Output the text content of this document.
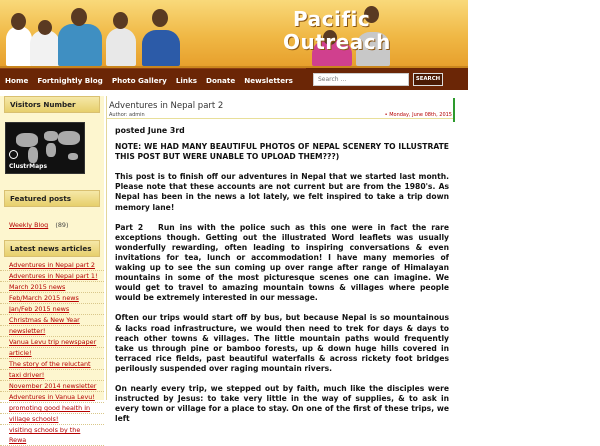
Pacific
Outreach
Home Fortnightly Blog Photo Gallery Links Donate Newsletters
Search ...	SEARCH
Visitors Number
ClustrMaps
Featured posts
Weekly Blog (89)
Latest news articles
Adventures in Nepal part 2
Adventures in Nepal part 1!
March 2015 news
Feb/March 2015 news
Jan/Feb 2015 news
Christmas & New Year
newsletter!
Vanua Levu trip newspaper
article!
The story of the reluctant
taxi driver!
November 2014 newsletter
Adventures in Vanua Levu!
promoting good health in
village schools!
visiting schools by the Rewa
Adventures in Nepal part 2
Author: admin	• Monday, June 08th, 2015

posted June 3rd

NOTE: WE HAD MANY BEAUTIFUL PHOTOS OF NEPAL SCENERY TO ILLUSTRATE THIS POST BUT WERE UNABLE TO UPLOAD THEM???)

This post is to finish off our adventures in Nepal that we started last month. Please note that these accounts are not current but are from the 1980's. As Nepal has been in the news a lot lately, we felt inspired to take a trip down memory lane!

Part 2   Run ins with the police such as this one were in fact the rare exceptions though. Getting out the illustrated Word leaflets was usually wonderfully rewarding, often leading to inspiring conversations & even invitations for tea, lunch or accommodation! I have many memories of waking up to see the sun coming up over range after range of Himalayan mountains in some of the most picturesque scenes one can imagine. We would get to travel to amazing mountain towns & villages where people would be extremely interested in our message.

Often our trips would start off by bus, but because Nepal is so mountainous & lacks road infrastructure, we would then need to trek for days & days to reach other towns & villages. The little mountain paths would frequently take us through pine or bamboo forests, up & down huge hills covered in terraced rice fields, past beautiful waterfalls & across rickety foot bridges perilously suspended over raging mountain rivers.

On nearly every trip, we stepped out by faith, much like the disciples were instructed by Jesus: to take very little in the way of supplies, & to ask in every town or village for a place to stay. On one of the first of these trips, we left
